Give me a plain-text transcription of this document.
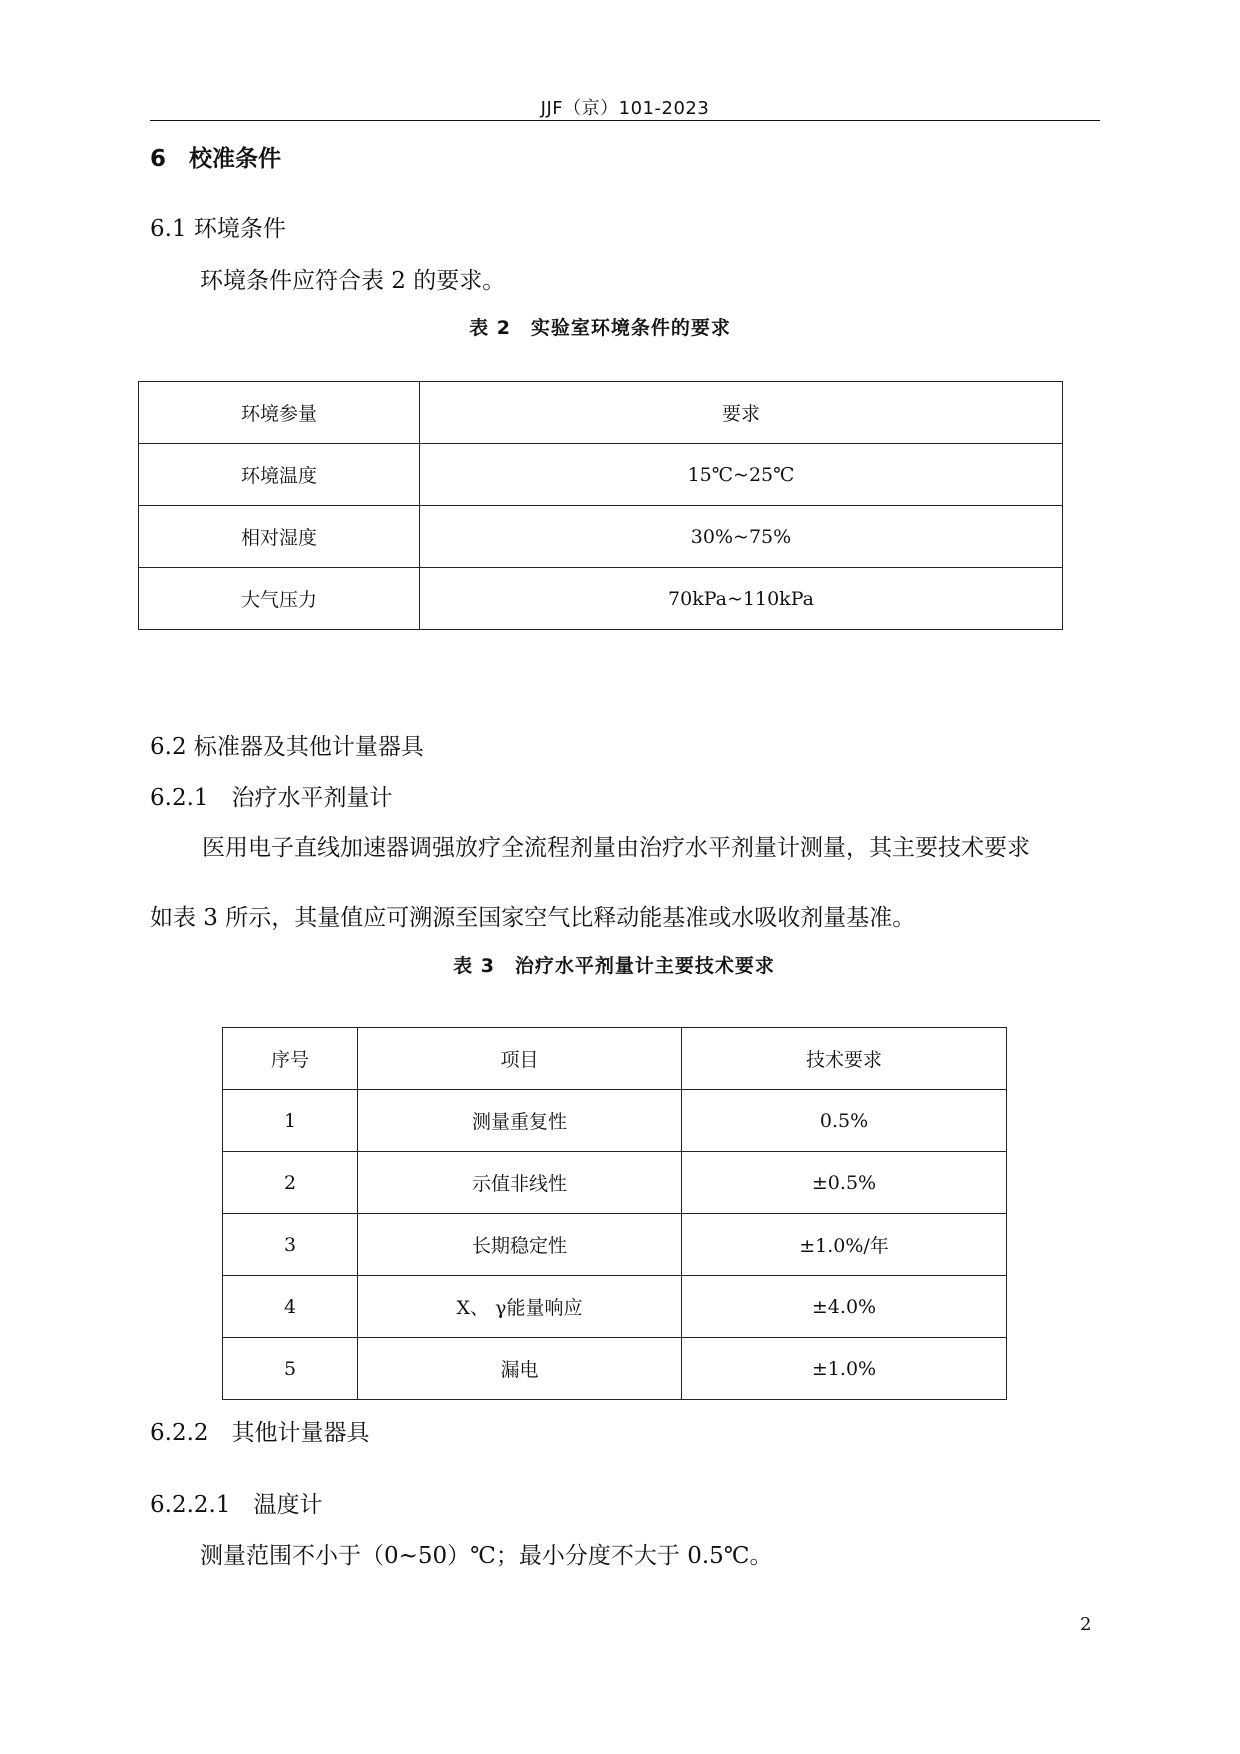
JJF（京）101-2023
6　校准条件
6.1 环境条件
环境条件应符合表 2 的要求。
表 2　实验室环境条件的要求
环境参量	要求
环境温度	15℃~25℃
相对湿度	30%~75%
大气压力	70kPa~110kPa
6.2 标准器及其他计量器具
6.2.1　治疗水平剂量计
医用电子直线加速器调强放疗全流程剂量由治疗水平剂量计测量，其主要技术要求
如表 3 所示，其量值应可溯源至国家空气比释动能基准或水吸收剂量基准。
表 3　治疗水平剂量计主要技术要求
序号	项目	技术要求
1	测量重复性	0.5%
2	示值非线性	±0.5%
3	长期稳定性	±1.0%/年
4	X、 γ能量响应	±4.0%
5	漏电	±1.0%
6.2.2　其他计量器具
6.2.2.1　温度计
测量范围不小于（0~50）℃；最小分度不大于 0.5℃。
2
